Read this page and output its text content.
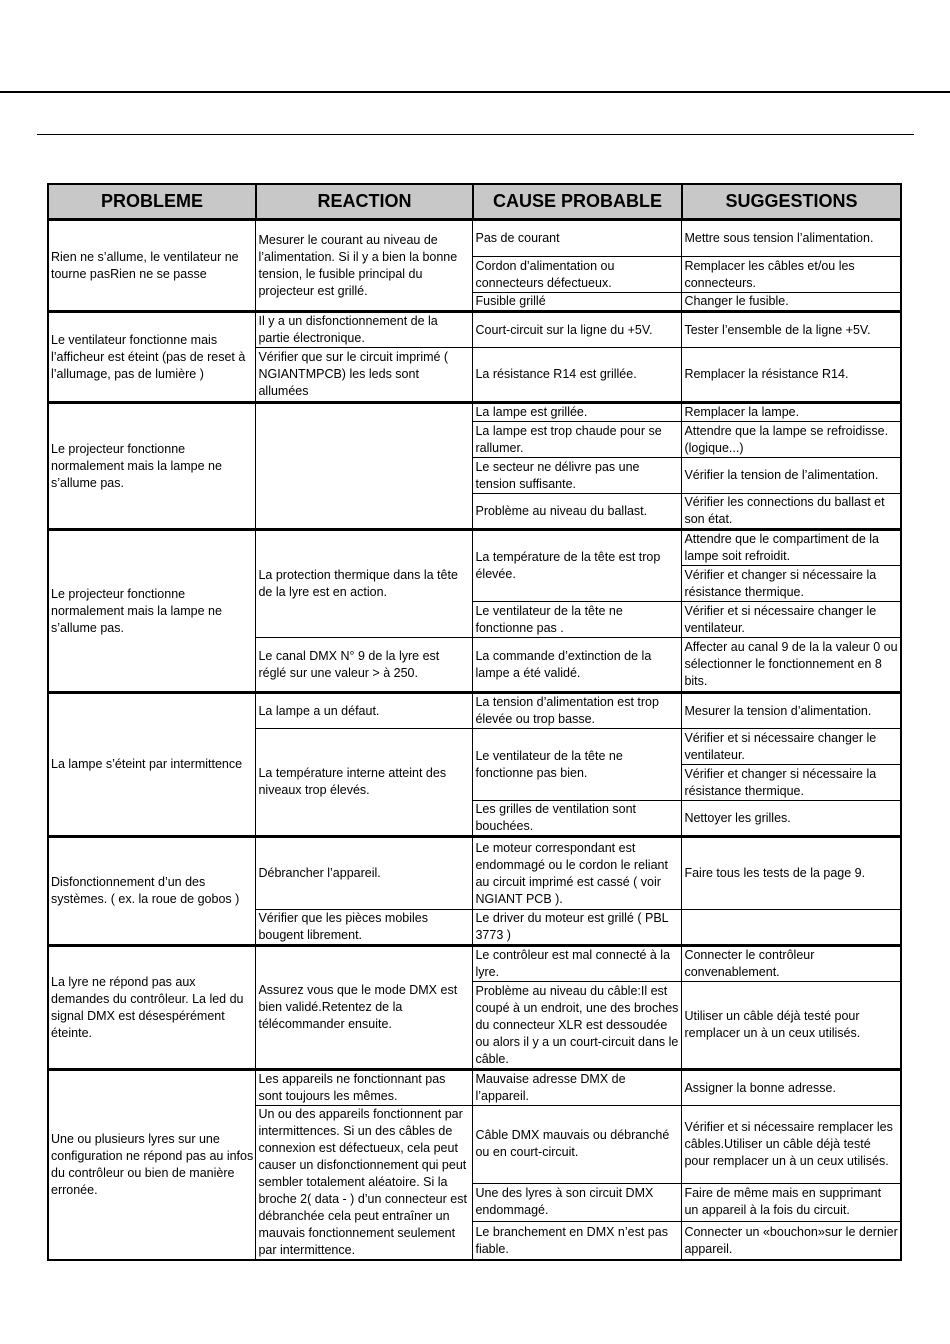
PROBLEME	REACTION	CAUSE PROBABLE	SUGGESTIONS
Rien ne s’allume, le ventilateur ne tourne pasRien ne se passe	Mesurer le courant au niveau de l’alimentation. Si il y a bien la bonne tension, le fusible principal du projecteur est grillé.	Pas de courant	Mettre sous tension l’alimentation.
		Cordon d’alimentation ou connecteurs défectueux.	Remplacer les câbles et/ou les connecteurs.
		Fusible grillé	Changer le fusible.
Le ventilateur fonctionne mais l’afficheur est éteint (pas de reset à l’allumage, pas de lumière )	Il y a un disfonctionnement de la partie électronique.	Court-circuit sur la ligne du +5V.	Tester l’ensemble de la ligne +5V.
	Vérifier que sur le circuit imprimé ( NGIANTMPCB) les leds sont allumées	La résistance R14 est grillée.	Remplacer la résistance R14.
Le projecteur fonctionne normalement mais la lampe ne s’allume pas.		La lampe est grillée.	Remplacer la lampe.
		La lampe est trop chaude pour se rallumer.	Attendre que la lampe se refroidisse.(logique...)
		Le secteur ne délivre pas une tension suffisante.	Vérifier la tension de l’alimentation.
		Problème au niveau du ballast.	Vérifier les connections du ballast et son état.
Le projecteur fonctionne normalement mais la lampe ne s’allume pas.	La protection thermique dans la tête de la lyre est en action.	La température de la tête est trop élevée.	Attendre que le compartiment de la lampe soit refroidit.
			Vérifier et changer si nécessaire la résistance thermique.
		Le ventilateur de la tête ne fonctionne pas .	Vérifier et si nécessaire changer le ventilateur.
	Le canal DMX N° 9 de la lyre est réglé sur une valeur > à 250.	La commande d’extinction de la lampe a été validé.	Affecter au canal 9 de la la valeur 0 ou sélectionner le fonctionnement en 8 bits.
La lampe s’éteint par intermittence	La lampe a un défaut.	La tension d’alimentation est trop élevée ou trop basse.	Mesurer la tension d’alimentation.
	La température interne atteint des niveaux trop élevés.	Le ventilateur de la tête ne fonctionne pas bien.	Vérifier et si nécessaire changer le ventilateur.
			Vérifier et changer si nécessaire la résistance thermique.
		Les grilles de ventilation sont bouchées.	Nettoyer les grilles.
Disfonctionnement d’un des systèmes. ( ex. la roue de gobos )	Débrancher l’appareil.	Le moteur correspondant est endommagé ou le cordon le reliant au circuit imprimé est cassé ( voir NGIANT PCB ).	Faire tous les tests de la page 9.
	Vérifier que les pièces mobiles bougent librement.	Le driver du moteur est grillé ( PBL 3773 )	
La lyre ne répond pas aux demandes du contrôleur. La led du signal DMX est désespérément éteinte.	Assurez vous que le mode DMX est bien validé.Retentez de la télécommander ensuite.	Le contrôleur est mal connecté à la lyre.	Connecter le contrôleur convenablement.
		Problème au niveau du câble:Il est coupé à un endroit, une des broches du connecteur XLR est dessoudée ou alors il y a un court-circuit dans le câble.	Utiliser un câble déjà testé pour remplacer un à un ceux utilisés.
Une ou plusieurs lyres sur une configuration ne répond pas au infos du contrôleur ou bien de manière erronée.	Les appareils ne fonctionnant pas sont toujours les mêmes.	Mauvaise adresse DMX de l’appareil.	Assigner la bonne adresse.
	Un ou des appareils fonctionnent par intermittences. Si un des câbles de connexion est défectueux, cela peut causer un disfonctionnement qui peut sembler totalement aléatoire. Si la broche 2( data - ) d’un connecteur est débranchée cela peut entraîner un mauvais fonctionnement seulement par intermittence.	Câble DMX mauvais ou débranché ou en court-circuit.	Vérifier et si nécessaire remplacer les câbles.Utiliser un câble déjà testé pour remplacer un à un ceux utilisés.
		Une des lyres à son circuit DMX endommagé.	Faire de même mais en supprimant un appareil à la fois du circuit.
		Le branchement en DMX n’est pas fiable.	Connecter un «bouchon»sur le dernier appareil.
